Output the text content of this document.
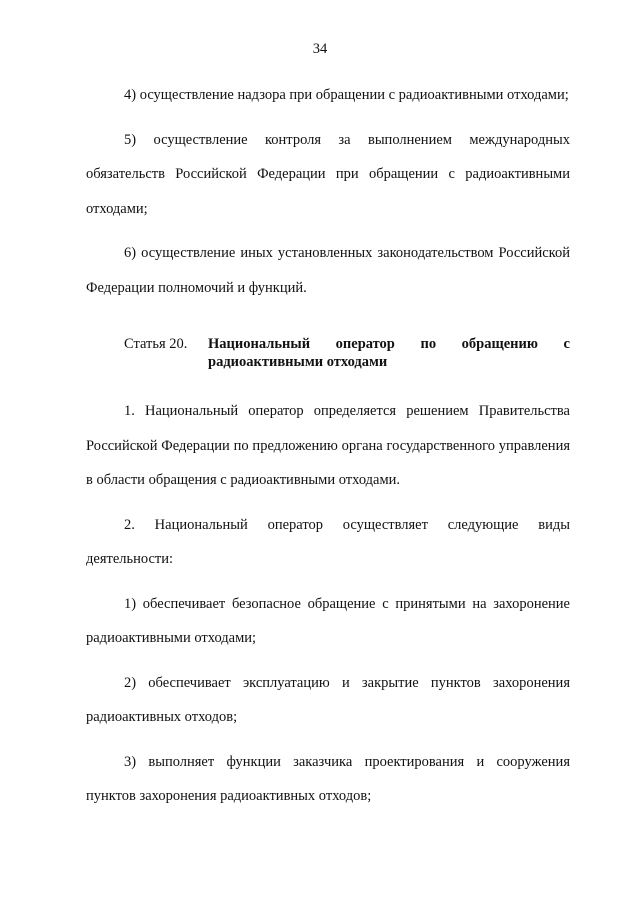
34

4) осуществление надзора при обращении с радиоактивными отходами;

5) осуществление контроля за выполнением международных обязательств Российской Федерации при обращении с радиоактивными отходами;

6) осуществление иных установленных законодательством Российской Федерации полномочий и функций.

Статья 20.	Национальный оператор по обращению с радиоактивными отходами

1. Национальный оператор определяется решением Правительства Российской Федерации по предложению органа государственного управления в области обращения с радиоактивными отходами.

2. Национальный оператор осуществляет следующие виды деятельности:

1) обеспечивает безопасное обращение с принятыми на захоронение радиоактивными отходами;

2) обеспечивает эксплуатацию и закрытие пунктов захоронения радиоактивных отходов;

3) выполняет функции заказчика проектирования и сооружения пунктов захоронения радиоактивных отходов;
